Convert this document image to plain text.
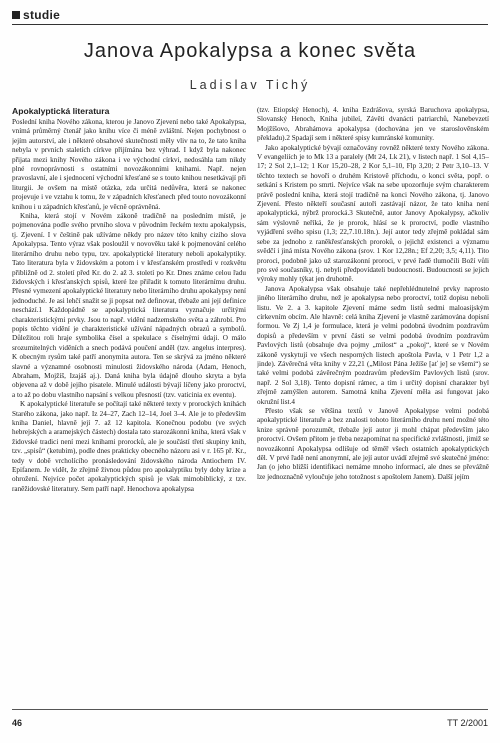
studie
Janova Apokalypsa a konec světa
Ladislav Tichý
Apokalyptická literatura

Poslední kniha Nového zákona, kterou je Janovo Zjevení nebo také Apokalypsa, vnímá průměrný čtenář jako knihu více či méně zvláštní. Nejen pochybnost o jejím autorství, ale i některé obsahové skutečnosti měly vliv na to, že tato kniha nebyla v prvních staletích církve přijímána bez výhrad. I když byla nakonec přijata mezi knihy Nového zákona i ve východní církvi, nedosáhla tam nikdy plné rovnoprávnosti s ostatními novozákonními knihami. Např. nejen pravoslavní, ale i sjednocení východní křesťané se s touto knihou nesetkávají při liturgii. Je ovšem na místě otázka, zda určitá nedůvěra, která se nakonec projevuje i ve vztahu k tomu, že v západních křesťanech před touto novozákonní knihou i u západních křesťanů, je věcně oprávněná.

Kniha, která stojí v Novém zákoně tradičně na posledním místě, je pojmenována podle svého prvního slova v původním řeckém textu apokalypsis, tj. Zjevení. I v češtině pak užíváme někdy pro název této knihy cizího slova Apokalypsa. Tento výraz však posloužil v novověku také k pojmenování celého literárního druhu nebo typu, tzv. apokalyptické literatury neboli apokalyptiky. Tato literatura byla v židovském a potom i v křesťanském prostředí v rozkvětu přibližně od 2. století před Kr. do 2. až 3. století po Kr. Dnes známe celou řadu židovských i křesťanských spisů, které lze přiřadit k tomuto literárnímu druhu. Přesné vymezení apokalyptické literatury nebo literárního druhu apokalypsy není jednoduché. Je asi lehčí snažit se ji popsat než definovat, třebaže ani její definice neschází.1 Každopádně se apokalyptická literatura vyznačuje určitými charakteristickými prvky. Jsou to např. vidění nadzemského světa a záhrobí. Pro popis těchto vidění je charakteristické užívání nápadných obrazů a symbolů. Důležitou roli hraje symbolika čísel a spekulace s číselnými údaji. O málo srozumitelných viděních a snech podává poučení anděl (tzv. angelus interpres). K obecným rysům také patří anonymita autora. Ten se skrývá za jméno některé slavné a významné osobnosti minulosti židovského národa (Adam, Henoch, Abraham, Mojžíš, Izajáš aj.). Daná kniha byla údajně dlouho skryta a byla objevena až v době jejího pisatele. Minulé události bývají líčeny jako proroctví, a to až po dobu vlastního napsání s velkou přesností (tzv. vaticinia ex eventu).

K apokalyptické literatuře se počítají také některé texty v prorockých knihách Starého zákona, jako např. Iz 24–27, Zach 12–14, Joel 3–4. Ale je to především kniha Daniel, hlavně její 7. až 12 kapitola. Konečnou podobu (ve svých hebrejských a aramejských částech) dostala tato starozákonní kniha, která však v židovské tradici není mezi knihami prorocků, ale je součástí třetí skupiny knih, tzv. „spisů“ (ketubim), podle dnes prakticky obecného názoru asi v r. 165 př. Kr., tedy v době vrcholícího pronásledování židovského národa Antiochem IV. Epifanem. Je vidět, že zřejmě živnou půdou pro apokalyptiku byly doby krize a ohrožení. Nejvíce počet apokalyptických spisů je však mimobiblický, z tzv. raněžidovské literatury. Sem patří např. Henochova apokalypsa

(tzv. Etiopský Henoch), 4. kniha Ezdrášova, syrská Baruchova apokalypsa, Slovanský Henoch, Kniha jubileí, Závěti dvanácti patriarchů, Nanebevzetí Mojžíšovo, Abrahámova apokalypsa (dochována jen ve staroslověnském překladu).2 Spadají sem i některé spisy kumránské komunity.

Jako apokalyptické bývají označovány rovněž některé texty Nového zákona. V evangeliích je to Mk 13 a paralely (Mt 24, Lk 21), v listech např. 1 Sol 4,15–17; 2 Sol 2,1–12; 1 Kor 15,20–28, 2 Kor 5,1–10, Flp 3,20; 2 Petr 3,10–13. V těchto textech se hovoří o druhém Kristově příchodu, o konci světa, popř. o setkání s Kristem po smrti. Nejvíce však na sebe upozorňuje svým charakterem právě poslední kniha, která stojí tradičně na konci Nového zákona, tj. Janovo Zjevení. Přesto někteří současní autoři zastávají názor, že tato kniha není apokalyptická, nýbrž prorocká.3 Skutečně, autor Janovy Apokalypsy, ačkoliv sám výslovně neříká, že je prorok, hlásí se k proroctví, podle vlastního vyjádření svého spisu (1,3; 22,7.10.18n.). Její autor tedy zřejmě pokládal sám sebe za jednoho z raněkřesťanských proroků, o jejichž existenci a významu svědčí i jiná místa Nového zákona (srov. 1 Kor 12,28n.; Ef 2,20; 3,5; 4,11). Tito proroci, podobně jako už starozákonní proroci, v prvé řadě tlumočili Boží vůli pro své současníky, tj. nebyli předpovídateli budoucnosti. Budoucnosti se jejich výroky mohly týkat jen druhotně.

Janova Apokalypsa však obsahuje také nepřehlédnutelné prvky naprosto jiného literárního druhu, než je apokalypsa nebo proroctví, totiž dopisu neboli listu. Ve 2. a 3. kapitole Zjevení máme sedm listů sedmi maloasijským církevním obcím. Ale hlavně: celá kniha Zjevení je vlastně zarámována dopisní formou. Ve Zj 1,4 je formulace, která je velmi podobná úvodním pozdravům dopisů a především v první části se velmi podobá úvodním pozdravům Pavlových listů (obsahuje dva pojmy „milost“ a „pokoj“, které se v Novém zákoně vyskytují ve všech nesporných listech apoštola Pavla, v 1 Petr 1,2 a jinde). Závěrečná věta knihy v 22,21 („Milost Pána Ježíše [ať je] se všemi“) se také velmi podobá závěrečným pozdravům především Pavlových listů (srov. např. 2 Sol 3,18). Tento dopisní rámec, a tím i určitý dopisní charakter byl zřejmě zamýšlen autorem. Samotná kniha Zjevení měla asi fungovat jako okružní list.4

Přesto však se většina textů v Janově Apokalypse velmi podobá apokalyptické literatuře a bez znalosti tohoto literárního druhu není možné této knize správně porozumět, třebaže její autor ji mohl chápat především jako proroctví. Ovšem přitom je třeba nezapomínat na specifické zvláštnosti, jimiž se novozákonní Apokalypsa odlišuje od těměř všech ostatních apokalyptických děl. V prvé řadě není anonymní, ale její autor uvádí zřejmě své skutečné jméno: Jan (o jeho bližší identifikaci nemáme mnoho informací, ale dnes se převážně lze jednoznačně vyloučuje jeho totožnost s apoštolem Janem). Další jejím

46	TT 2/2001
